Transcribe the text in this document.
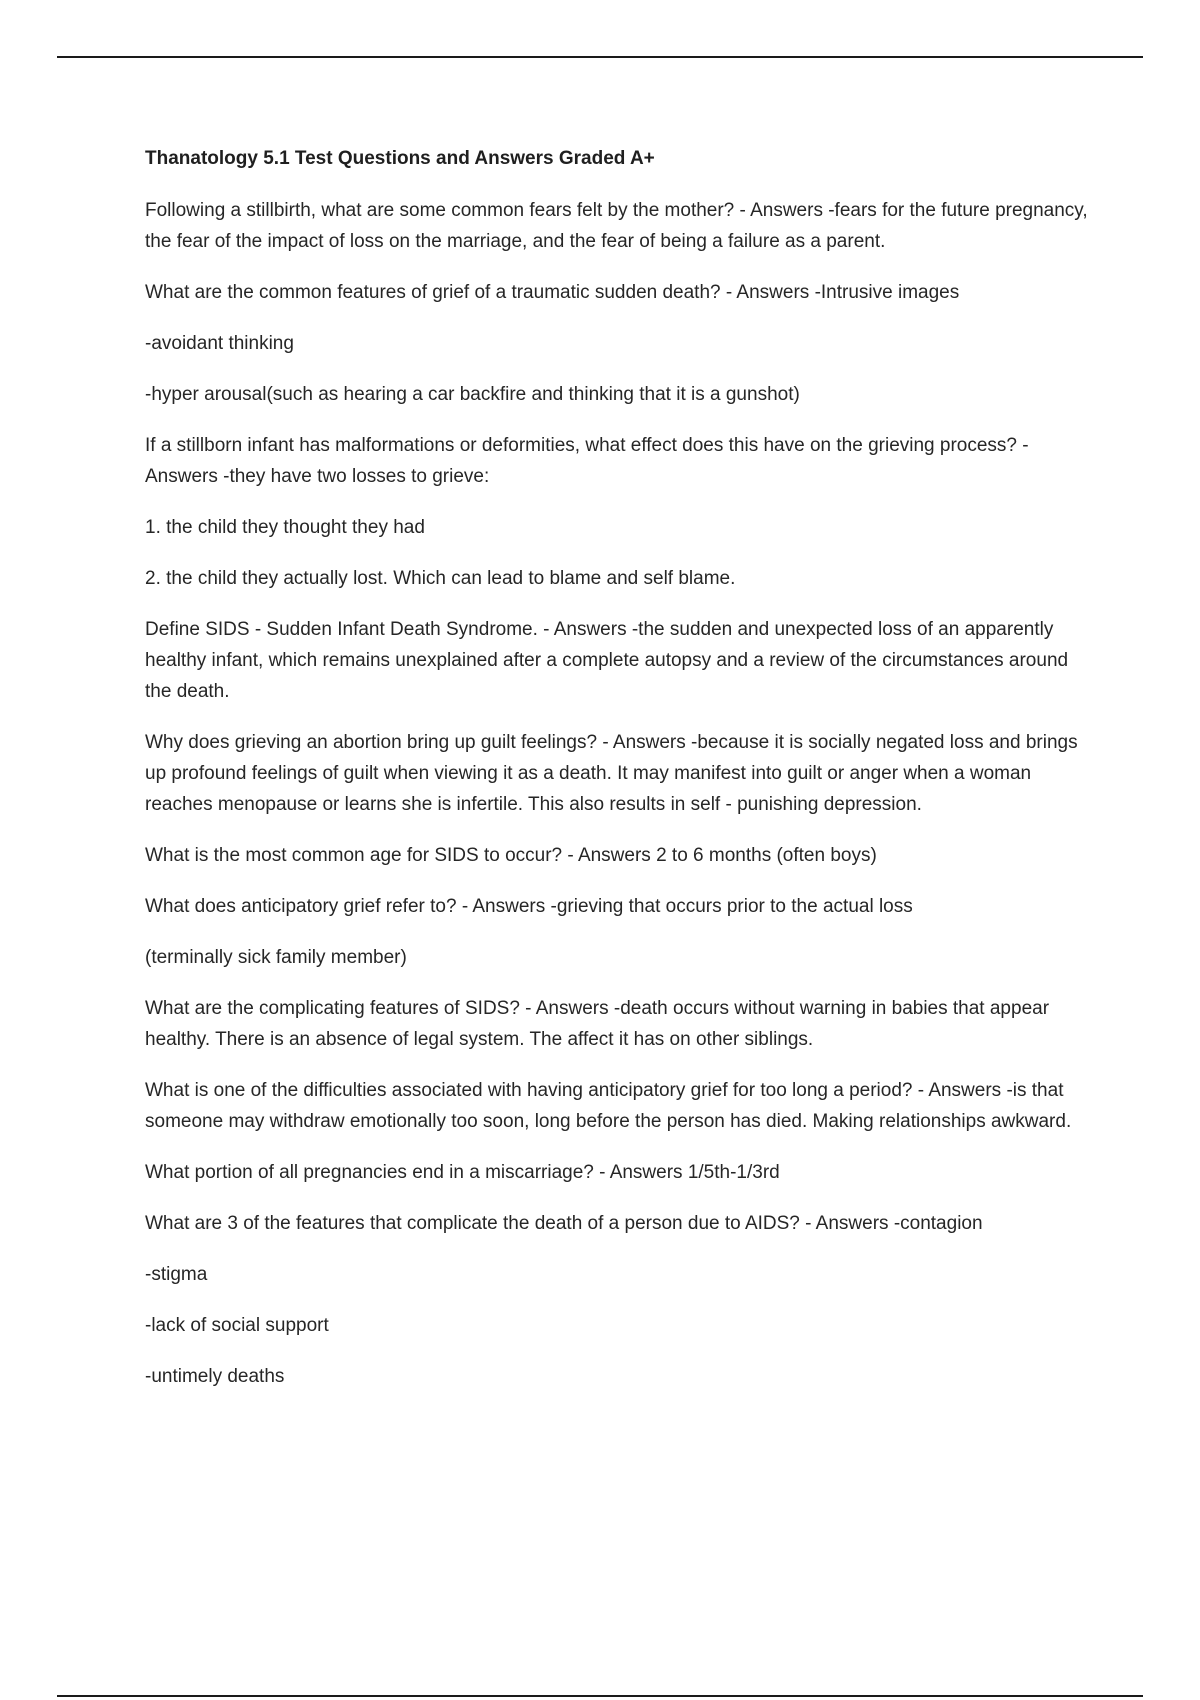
Thanatology 5.1 Test Questions and Answers Graded A+

Following a stillbirth, what are some common fears felt by the mother? - Answers -fears for the future pregnancy, the fear of the impact of loss on the marriage, and the fear of being a failure as a parent.

What are the common features of grief of a traumatic sudden death? - Answers -Intrusive images

-avoidant thinking

-hyper arousal(such as hearing a car backfire and thinking that it is a gunshot)

If a stillborn infant has malformations or deformities, what effect does this have on the grieving process? - Answers -they have two losses to grieve:

1. the child they thought they had

2. the child they actually lost. Which can lead to blame and self blame.

Define SIDS - Sudden Infant Death Syndrome. - Answers -the sudden and unexpected loss of an apparently healthy infant, which remains unexplained after a complete autopsy and a review of the circumstances around the death.

Why does grieving an abortion bring up guilt feelings? - Answers -because it is socially negated loss and brings up profound feelings of guilt when viewing it as a death. It may manifest into guilt or anger when a woman reaches menopause or learns she is infertile. This also results in self - punishing depression.

What is the most common age for SIDS to occur? - Answers 2 to 6 months (often boys)

What does anticipatory grief refer to? - Answers -grieving that occurs prior to the actual loss

(terminally sick family member)

What are the complicating features of SIDS? - Answers -death occurs without warning in babies that appear healthy. There is an absence of legal system. The affect it has on other siblings.

What is one of the difficulties associated with having anticipatory grief for too long a period? - Answers -is that someone may withdraw emotionally too soon, long before the person has died. Making relationships awkward.

What portion of all pregnancies end in a miscarriage? - Answers 1/5th-1/3rd

What are 3 of the features that complicate the death of a person due to AIDS? - Answers -contagion

-stigma

-lack of social support

-untimely deaths
